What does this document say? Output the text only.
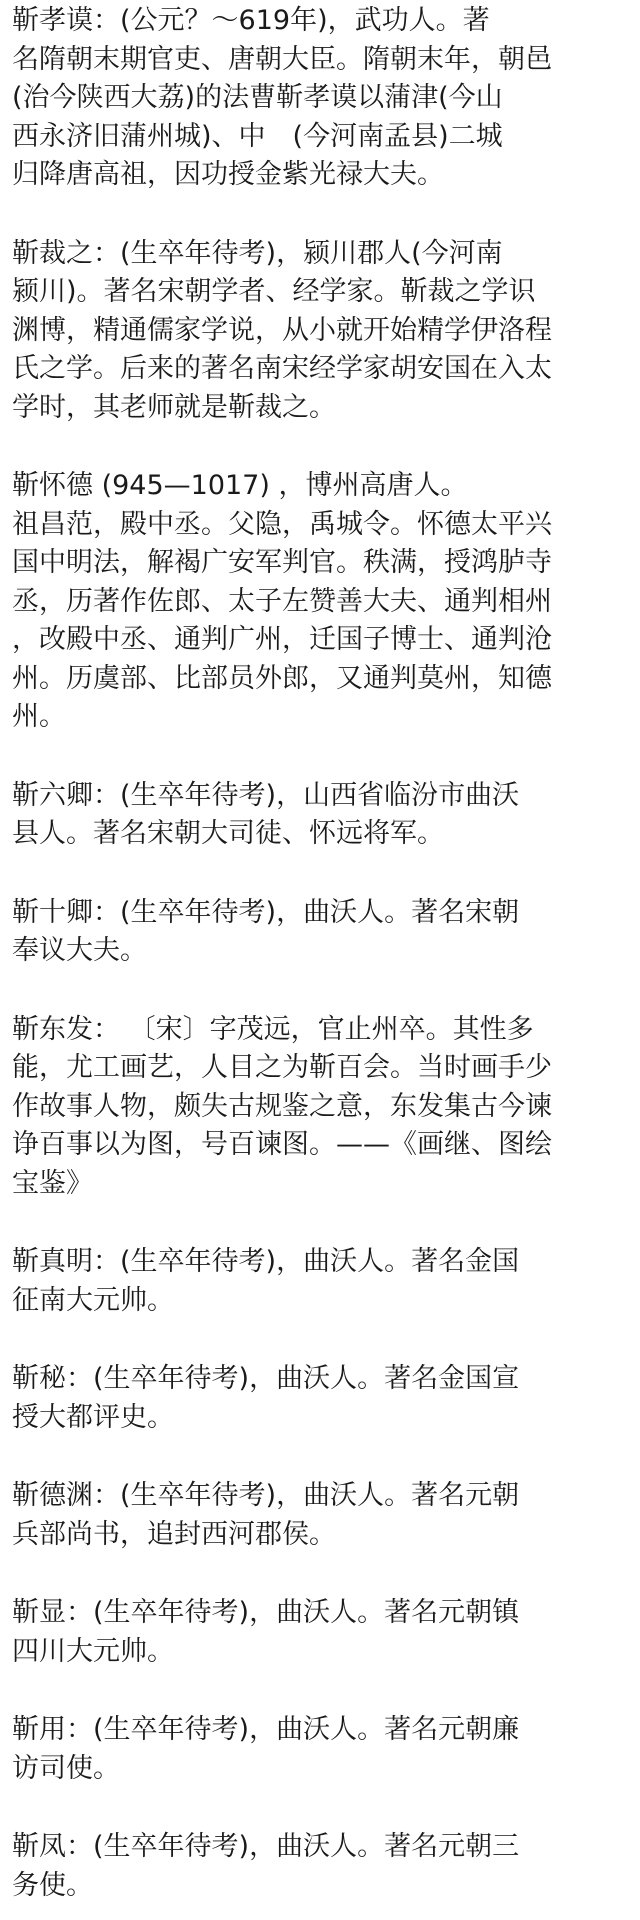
靳孝谟：(公元？～619年)，武功人。著
名隋朝末期官吏、唐朝大臣。隋朝末年，朝邑
(治今陕西大荔)的法曹靳孝谟以蒲津(今山
西永济旧蒲州城)、中　(今河南孟县)二城
归降唐高祖，因功授金紫光禄大夫。

靳裁之：(生卒年待考)，颍川郡人(今河南
颍川)。著名宋朝学者、经学家。靳裁之学识
渊博，精通儒家学说，从小就开始精学伊洛程
氏之学。后来的著名南宋经学家胡安国在入太
学时，其老师就是靳裁之。

靳怀德 (945—1017) ，博州高唐人。
祖昌范，殿中丞。父隐，禹城令。怀德太平兴
国中明法，解褐广安军判官。秩满，授鸿胪寺
丞，历著作佐郎、太子左赞善大夫、通判相州
，改殿中丞、通判广州，迁国子博士、通判沧
州。历虞部、比部员外郎，又通判莫州，知德
州。

靳六卿：(生卒年待考)，山西省临汾市曲沃
县人。著名宋朝大司徒、怀远将军。

靳十卿：(生卒年待考)，曲沃人。著名宋朝
奉议大夫。

靳东发： 〔宋〕字茂远，官止州卒。其性多
能，尤工画艺，人目之为靳百会。当时画手少
作故事人物，颇失古规鉴之意，东发集古今谏
诤百事以为图，号百谏图。——《画继、图绘
宝鉴》

靳真明：(生卒年待考)，曲沃人。著名金国
征南大元帅。

靳秘：(生卒年待考)，曲沃人。著名金国宣
授大都评史。

靳德渊：(生卒年待考)，曲沃人。著名元朝
兵部尚书，追封西河郡侯。

靳显：(生卒年待考)，曲沃人。著名元朝镇
四川大元帅。

靳用：(生卒年待考)，曲沃人。著名元朝廉
访司使。

靳凤：(生卒年待考)，曲沃人。著名元朝三
务使。
